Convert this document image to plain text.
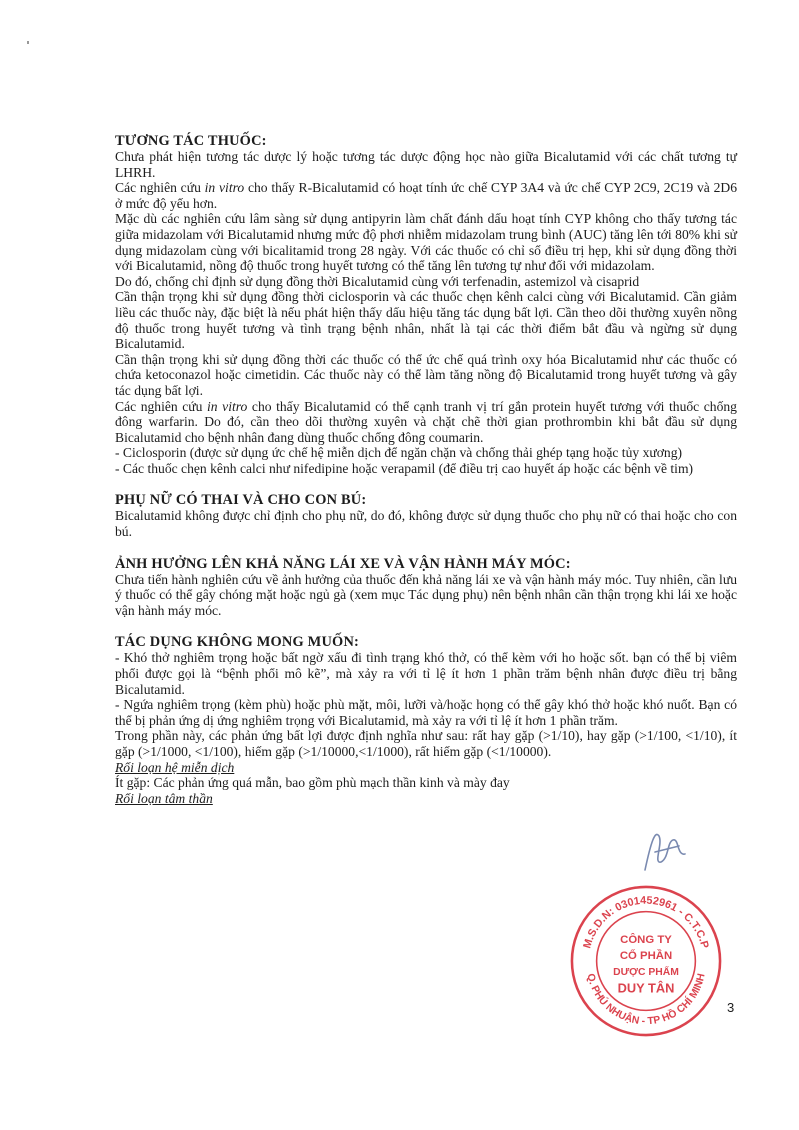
TƯƠNG TÁC THUỐC:

Chưa phát hiện tương tác dược lý hoặc tương tác dược động học nào giữa Bicalutamid với các chất tương tự LHRH.

Các nghiên cứu in vitro cho thấy R-Bicalutamid có hoạt tính ức chế CYP 3A4 và ức chế CYP 2C9, 2C19 và 2D6 ở mức độ yếu hơn.

Mặc dù các nghiên cứu lâm sàng sử dụng antipyrin làm chất đánh dấu hoạt tính CYP không cho thấy tương tác giữa midazolam với Bicalutamid nhưng mức độ phơi nhiễm midazolam trung bình (AUC) tăng lên tới 80% khi sử dụng midazolam cùng với bicalitamid trong 28 ngày. Với các thuốc có chỉ số điều trị hẹp, khi sử dụng đồng thời với Bicalutamid, nồng độ thuốc trong huyết tương có thể tăng lên tương tự như đối với midazolam.

Do đó, chống chỉ định sử dụng đồng thời Bicalutamid cùng với terfenadin, astemizol và cisaprid

Cần thận trọng khi sử dụng đồng thời ciclosporin và các thuốc chẹn kênh calci cùng với Bicalutamid. Cần giảm liều các thuốc này, đặc biệt là nếu phát hiện thấy dấu hiệu tăng tác dụng bất lợi. Cần theo dõi thường xuyên nồng độ thuốc trong huyết tương và tình trạng bệnh nhân, nhất là tại các thời điểm bắt đầu và ngừng sử dụng Bicalutamid.

Cần thận trọng khi sử dụng đồng thời các thuốc có thể ức chế quá trình oxy hóa Bicalutamid như các thuốc có chứa ketoconazol hoặc cimetidin. Các thuốc này có thể làm tăng nồng độ Bicalutamid trong huyết tương và gây tác dụng bất lợi.

Các nghiên cứu in vitro cho thấy Bicalutamid có thể cạnh tranh vị trí gắn protein huyết tương với thuốc chống đông warfarin. Do đó, cần theo dõi thường xuyên và chặt chẽ thời gian prothrombin khi bắt đầu sử dụng Bicalutamid cho bệnh nhân đang dùng thuốc chống đông coumarin.

- Ciclosporin (được sử dụng ức chế hệ miễn dịch để ngăn chặn và chống thải ghép tạng hoặc tủy xương)

- Các thuốc chẹn kênh calci như nifedipine hoặc verapamil (để điều trị cao huyết áp hoặc các bệnh về tim)

PHỤ NỮ CÓ THAI VÀ CHO CON BÚ:

Bicalutamid không được chỉ định cho phụ nữ, do đó, không được sử dụng thuốc cho phụ nữ có thai hoặc cho con bú.

ẢNH HƯỞNG LÊN KHẢ NĂNG LÁI XE VÀ VẬN HÀNH MÁY MÓC:

Chưa tiến hành nghiên cứu về ảnh hưởng của thuốc đến khả năng lái xe và vận hành máy móc. Tuy nhiên, cần lưu ý thuốc có thể gây chóng mặt hoặc ngủ gà (xem mục Tác dụng phụ) nên bệnh nhân cần thận trọng khi lái xe hoặc vận hành máy móc.

TÁC DỤNG KHÔNG MONG MUỐN:

- Khó thở nghiêm trọng hoặc bất ngờ xấu đi tình trạng khó thở, có thể kèm với ho hoặc sốt. bạn có thể bị viêm phổi được gọi là “bệnh phổi mô kẽ”, mà xảy ra với tỉ lệ ít hơn 1 phần trăm bệnh nhân được điều trị bằng Bicalutamid.

- Ngứa nghiêm trọng (kèm phù) hoặc phù mặt, môi, lưỡi và/hoặc họng có thể gây khó thở hoặc khó nuốt. Bạn có thể bị phản ứng dị ứng nghiêm trọng với Bicalutamid, mà xảy ra với tỉ lệ ít hơn 1 phần trăm.

Trong phần này, các phản ứng bất lợi được định nghĩa như sau: rất hay gặp (>1/10), hay gặp (>1/100, <1/10), ít gặp (>1/1000, <1/100), hiếm gặp (>1/10000,<1/1000), rất hiếm gặp (<1/10000).

Rối loạn hệ miễn dịch

Ít gặp: Các phản ứng quá mẫn, bao gồm phù mạch thần kinh và mày đay

Rối loạn tâm thần

M.S.D.N: 0301452961 - C.T.C.P
Q. PHÚ NHUẬN - TP HỒ CHÍ MINH
CÔNG TY
CỔ PHẦN
DƯỢC PHẨM
DUY TÂN
3
